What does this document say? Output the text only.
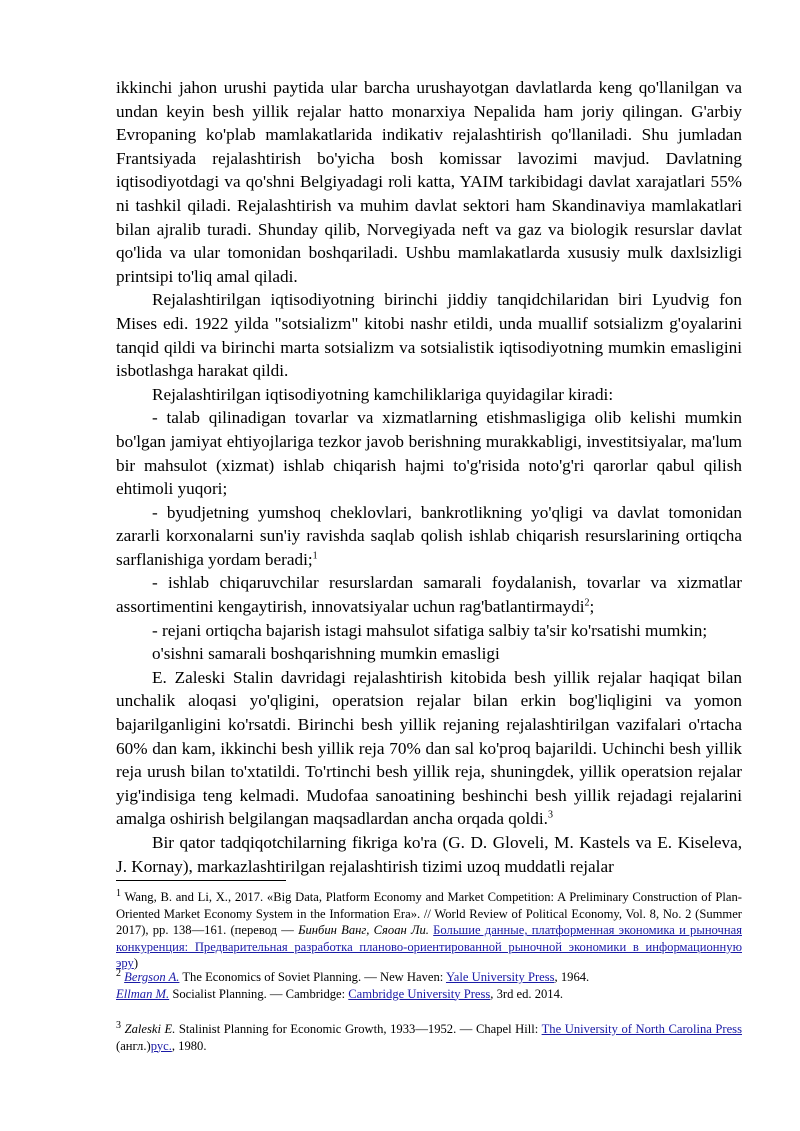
ikkinchi jahon urushi paytida ular barcha urushayotgan davlatlarda keng qo'llanilgan va undan keyin besh yillik rejalar hatto monarxiya Nepalida ham joriy qilingan. G'arbiy Evropaning ko'plab mamlakatlarida indikativ rejalashtirish qo'llaniladi. Shu jumladan Frantsiyada rejalashtirish bo'yicha bosh komissar lavozimi mavjud. Davlatning iqtisodiyotdagi va qo'shni Belgiyadagi roli katta, YAIM tarkibidagi davlat xarajatlari 55% ni tashkil qiladi. Rejalashtirish va muhim davlat sektori ham Skandinaviya mamlakatlari bilan ajralib turadi. Shunday qilib, Norvegiyada neft va gaz va biologik resurslar davlat qo'lida va ular tomonidan boshqariladi. Ushbu mamlakatlarda xususiy mulk daxlsizligi printsipi to'liq amal qiladi.

Rejalashtirilgan iqtisodiyotning birinchi jiddiy tanqidchilaridan biri Lyudvig fon Mises edi. 1922 yilda "sotsializm" kitobi nashr etildi, unda muallif sotsializm g'oyalarini tanqid qildi va birinchi marta sotsializm va sotsialistik iqtisodiyotning mumkin emasligini isbotlashga harakat qildi.

Rejalashtirilgan iqtisodiyotning kamchiliklariga quyidagilar kiradi:

- talab qilinadigan tovarlar va xizmatlarning etishmasligiga olib kelishi mumkin bo'lgan jamiyat ehtiyojlariga tezkor javob berishning murakkabligi, investitsiyalar, ma'lum bir mahsulot (xizmat) ishlab chiqarish hajmi to'g'risida noto'g'ri qarorlar qabul qilish ehtimoli yuqori;

- byudjetning yumshoq cheklovlari, bankrotlikning yo'qligi va davlat tomonidan zararli korxonalarni sun'iy ravishda saqlab qolish ishlab chiqarish resurslarining ortiqcha sarflanishiga yordam beradi;$^1$

- ishlab chiqaruvchilar resurslardan samarali foydalanish, tovarlar va xizmatlar assortimentini kengaytirish, innovatsiyalar uchun rag'batlantirmaydi$^2$;

- rejani ortiqcha bajarish istagi mahsulot sifatiga salbiy ta'sir ko'rsatishi mumkin;

o'sishni samarali boshqarishning mumkin emasligi

E. Zaleski Stalin davridagi rejalashtirish kitobida besh yillik rejalar haqiqat bilan unchalik aloqasi yo'qligini, operatsion rejalar bilan erkin bog'liqligini va yomon bajarilganligini ko'rsatdi. Birinchi besh yillik rejaning rejalashtirilgan vazifalari o'rtacha 60% dan kam, ikkinchi besh yillik reja 70% dan sal ko'proq bajarildi. Uchinchi besh yillik reja urush bilan to'xtatildi. To'rtinchi besh yillik reja, shuningdek, yillik operatsion rejalar yig'indisiga teng kelmadi. Mudofaa sanoatining beshinchi besh yillik rejadagi rejalarini amalga oshirish belgilangan maqsadlardan ancha orqada qoldi.$^3$

Bir qator tadqiqotchilarning fikriga ko'ra (G. D. Gloveli, M. Kastels va E. Kiseleva, J. Kornay), markazlashtirilgan rejalashtirish tizimi uzoq muddatli rejalar

$^1$ Wang, B. and Li, X., 2017. «Big Data, Platform Economy and Market Competition: A Preliminary Construction of Plan-Oriented Market Economy System in the Information Era». // World Review of Political Economy, Vol. 8, No. 2 (Summer 2017), pp. 138—161. (перевод — Бинбин Ванг, Сяоан Ли. Большие данные, платформенная экономика и рыночная конкуренция: Предварительная разработка планово-ориентированной рыночной экономики в информационную эру)

$^2$ Bergson A. The Economics of Soviet Planning. — New Haven: Yale University Press, 1964.

Ellman M. Socialist Planning. — Cambridge: Cambridge University Press, 3rd ed. 2014.

$^3$ Zaleski E. Stalinist Planning for Economic Growth, 1933—1952. — Chapel Hill: The University of North Carolina Press (англ.)рус., 1980.
